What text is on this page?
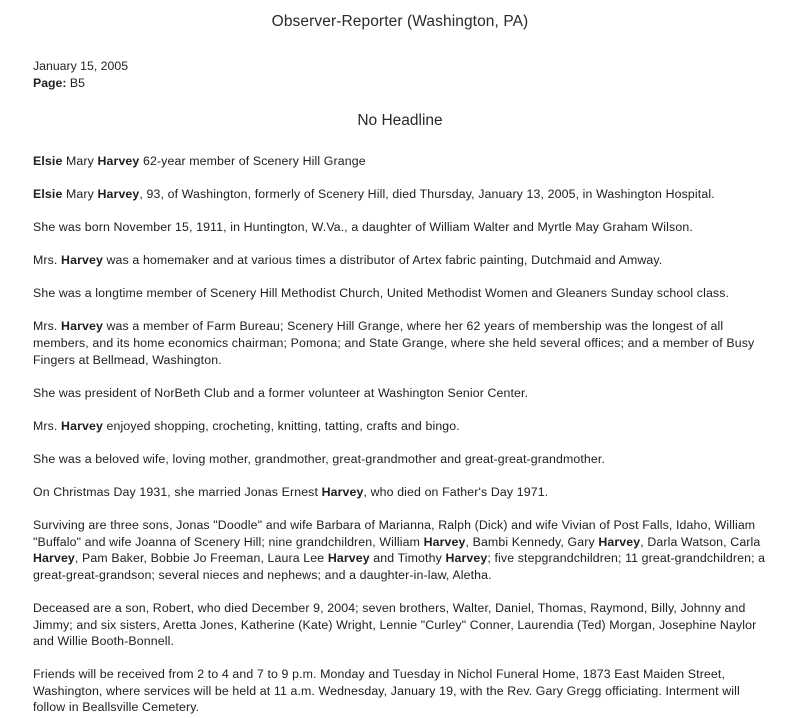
Observer-Reporter (Washington, PA)
January 15, 2005
Page: B5
No Headline

Elsie Mary Harvey 62-year member of Scenery Hill Grange

Elsie Mary Harvey, 93, of Washington, formerly of Scenery Hill, died Thursday, January 13, 2005, in Washington Hospital.

She was born November 15, 1911, in Huntington, W.Va., a daughter of William Walter and Myrtle May Graham Wilson.

Mrs. Harvey was a homemaker and at various times a distributor of Artex fabric painting, Dutchmaid and Amway.

She was a longtime member of Scenery Hill Methodist Church, United Methodist Women and Gleaners Sunday school class.

Mrs. Harvey was a member of Farm Bureau; Scenery Hill Grange, where her 62 years of membership was the longest of all members, and its home economics chairman; Pomona; and State Grange, where she held several offices; and a member of Busy Fingers at Bellmead, Washington.

She was president of NorBeth Club and a former volunteer at Washington Senior Center.

Mrs. Harvey enjoyed shopping, crocheting, knitting, tatting, crafts and bingo.

She was a beloved wife, loving mother, grandmother, great-grandmother and great-great-grandmother.

On Christmas Day 1931, she married Jonas Ernest Harvey, who died on Father's Day 1971.

Surviving are three sons, Jonas "Doodle" and wife Barbara of Marianna, Ralph (Dick) and wife Vivian of Post Falls, Idaho, William "Buffalo" and wife Joanna of Scenery Hill; nine grandchildren, William Harvey, Bambi Kennedy, Gary Harvey, Darla Watson, Carla Harvey, Pam Baker, Bobbie Jo Freeman, Laura Lee Harvey and Timothy Harvey; five stepgrandchildren; 11 great-grandchildren; a great-great-grandson; several nieces and nephews; and a daughter-in-law, Aletha.

Deceased are a son, Robert, who died December 9, 2004; seven brothers, Walter, Daniel, Thomas, Raymond, Billy, Johnny and Jimmy; and six sisters, Aretta Jones, Katherine (Kate) Wright, Lennie "Curley" Conner, Laurendia (Ted) Morgan, Josephine Naylor and Willie Booth-Bonnell.

Friends will be received from 2 to 4 and 7 to 9 p.m. Monday and Tuesday in Nichol Funeral Home, 1873 East Maiden Street, Washington, where services will be held at 11 a.m. Wednesday, January 19, with the Rev. Gary Gregg officiating. Interment will follow in Beallsville Cemetery.
